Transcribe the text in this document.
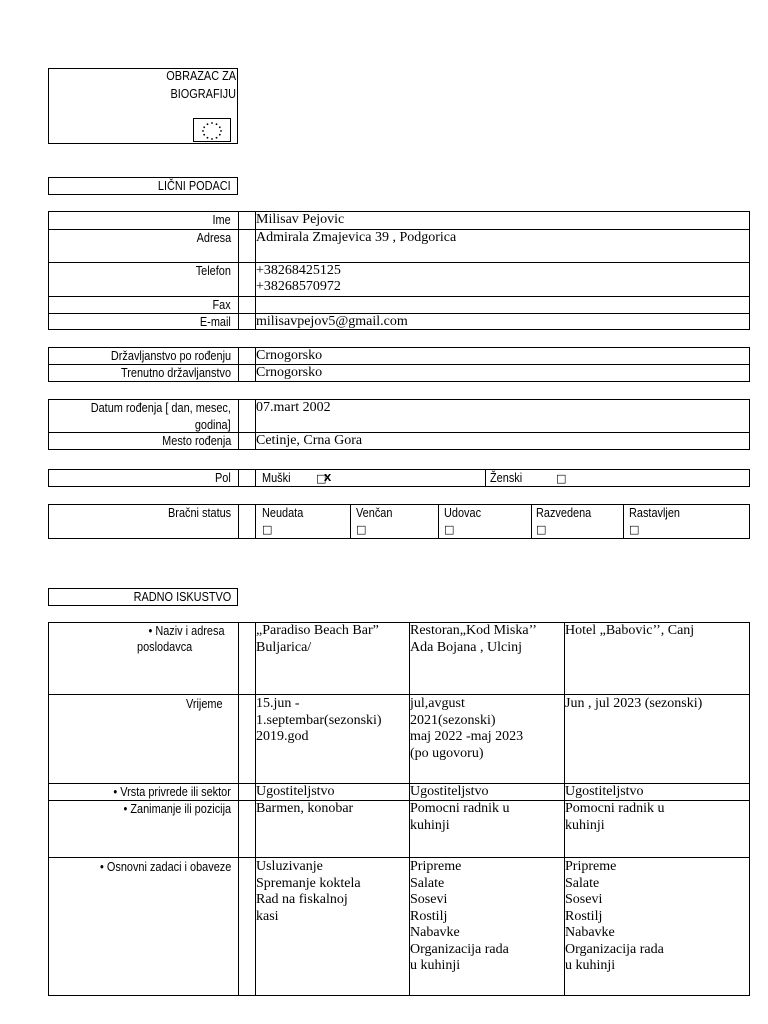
OBRAZAC ZA
BIOGRAFIJU
LIČNI PODACI
Ime Milisav Pejovic
Adresa Admirala Zmajevica 39 , Podgorica
Telefon +38268425125
+38268570972
Fax
E-mail milisavpejov5@gmail.com
Državljanstvo po rođenju Crnogorsko
Trenutno državljanstvo Crnogorsko
Datum rođenja [ dan, mesec,
godina]
07.mart 2002
Mesto rođenja Cetinje, Crna Gora
Pol Muški □
x	Ženski	□
Bračni status Neudata
□
Venčan
□
Udovac
□
Razvedena
□
Rastavljen
□
RADNO ISKUSTVO
• Naziv i adresa
poslodavca
Vrijeme
• Vrsta privrede ili sektor
• Zanimanje ili pozicija
• Osnovni zadaci i obaveze
„Paradiso Beach Bar”
Buljarica/
15.jun -
1.septembar(sezonski)
2019.god
Ugostiteljstvo
Barmen, konobar
Usluzivanje
Spremanje koktela
Rad na fiskalnoj
kasi
Restoran„Kod Miska’’
Ada Bojana , Ulcinj
jul,avgust
2021(sezonski)
maj 2022 -maj 2023
(po ugovoru)
Ugostiteljstvo
Pomocni radnik u
kuhinji
Pripreme
Salate
Sosevi
Rostilj
Nabavke
Organizacija rada
u kuhinji
Hotel „Babovic’’, Canj
Jun , jul 2023 (sezonski)
Ugostiteljstvo
Pomocni radnik u
kuhinji
Pripreme
Salate
Sosevi
Rostilj
Nabavke
Organizacija rada
u kuhinji
